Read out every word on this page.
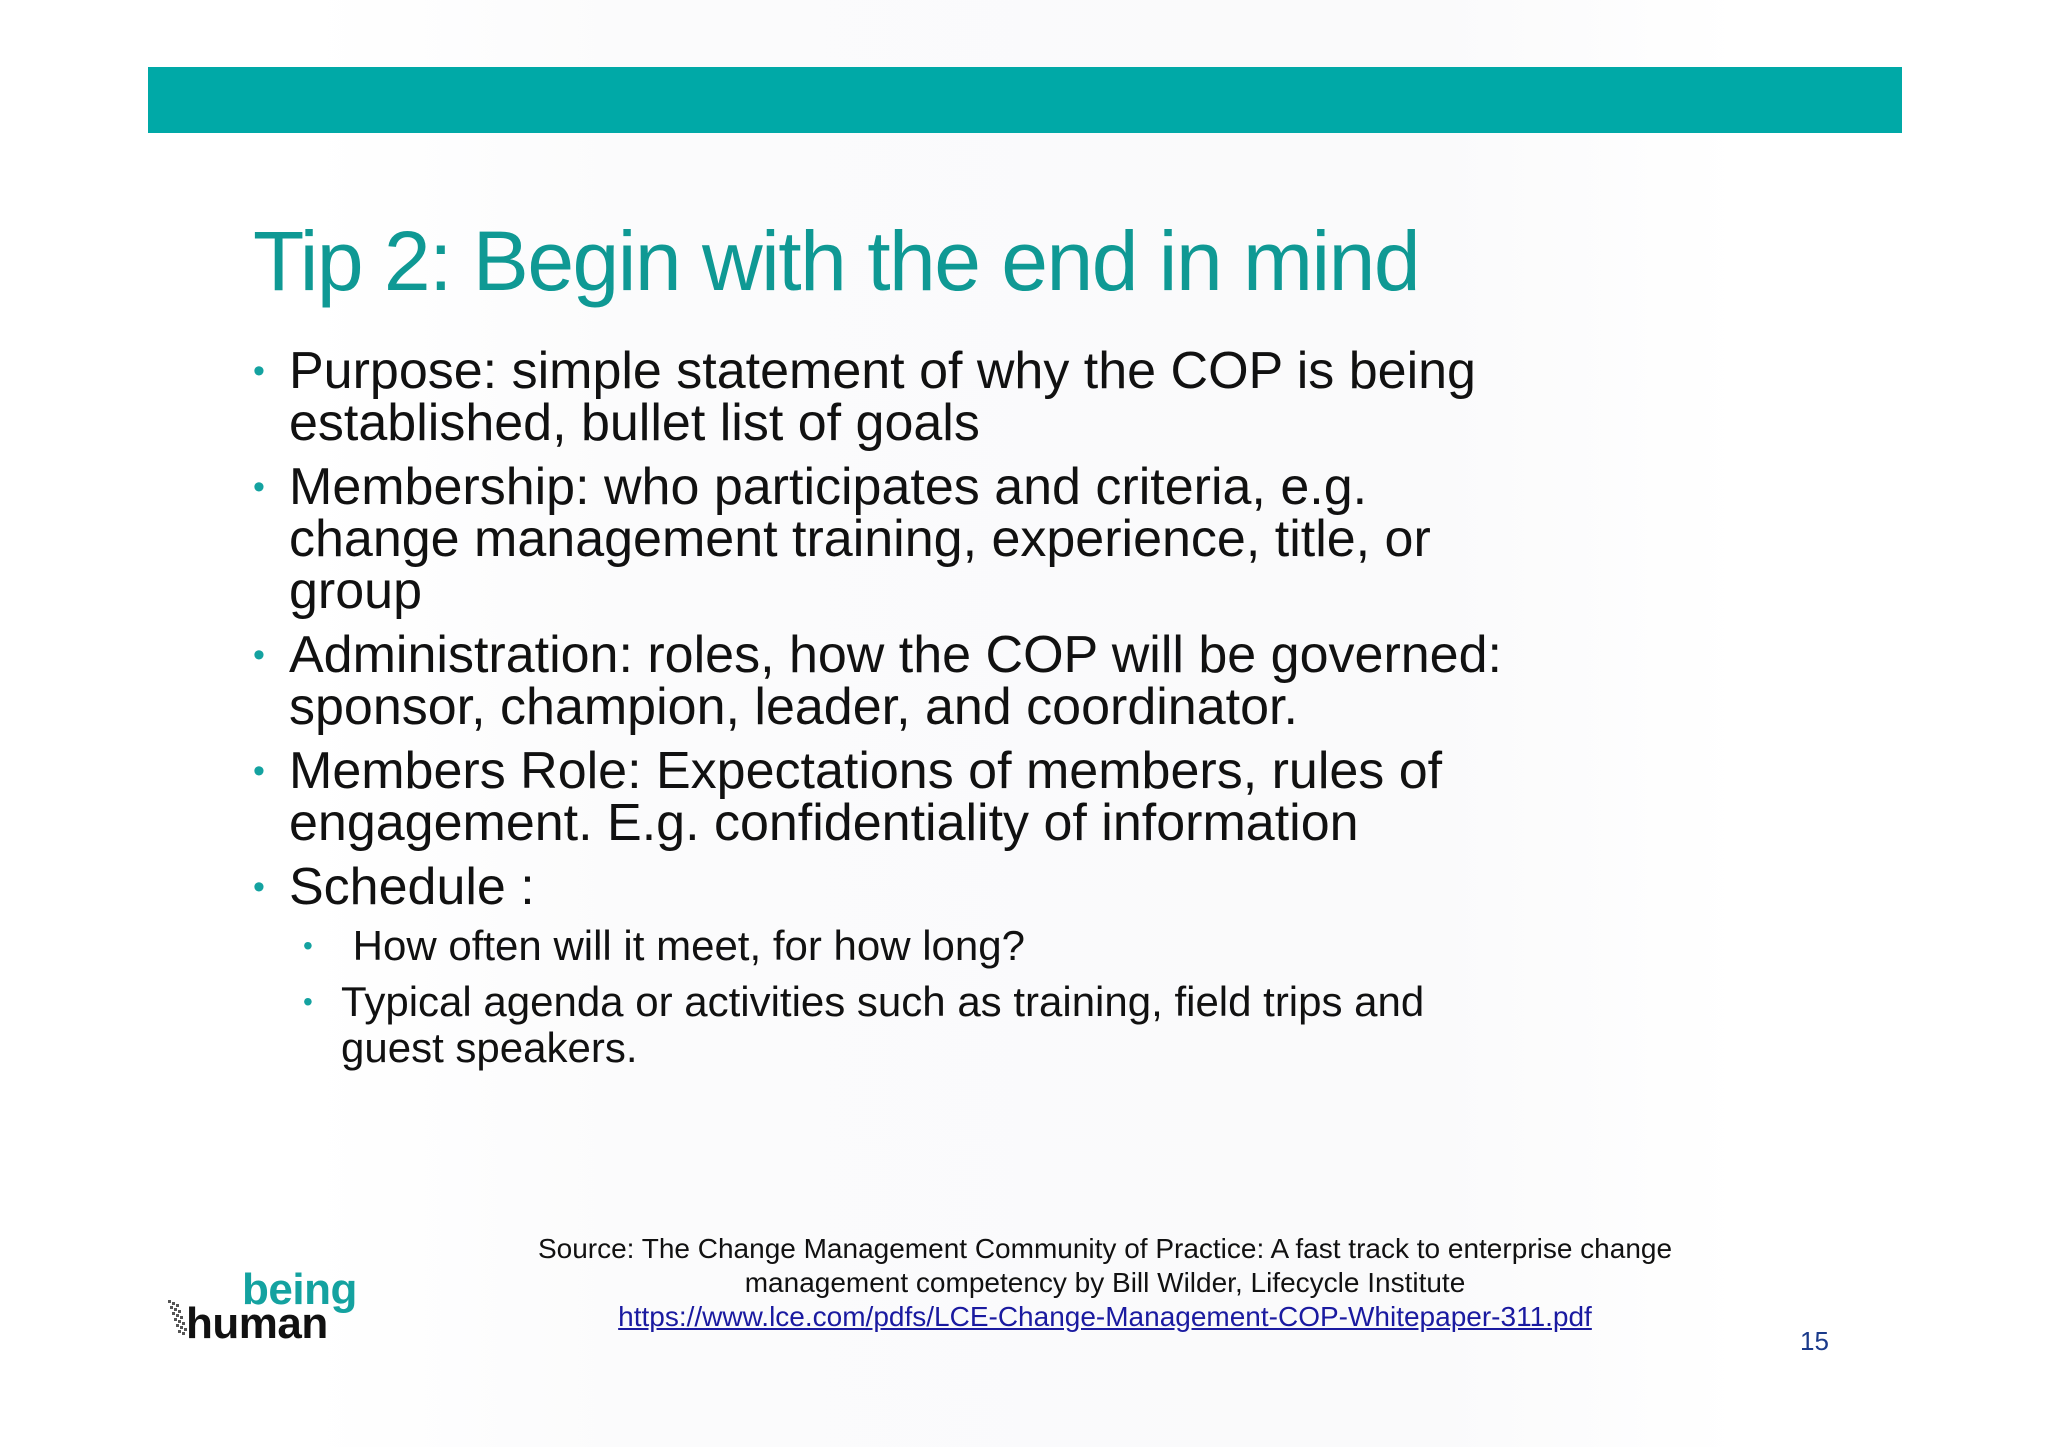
Tip 2: Begin with the end in mind
• Purpose: simple statement of why the COP is being established, bullet list of goals
• Membership: who participates and criteria, e.g. change management training, experience, title, or group
• Administration: roles, how the COP will be governed: sponsor, champion, leader, and coordinator.
• Members Role: Expectations of members, rules of engagement. E.g. confidentiality of information
• Schedule :
• How often will it meet, for how long?
• Typical agenda or activities such as training, field trips and guest speakers.
Source: The Change Management Community of Practice: A fast track to enterprise change
management competency by Bill Wilder, Lifecycle Institute
https://www.lce.com/pdfs/LCE-Change-Management-COP-Whitepaper-311.pdf
being
human	15
